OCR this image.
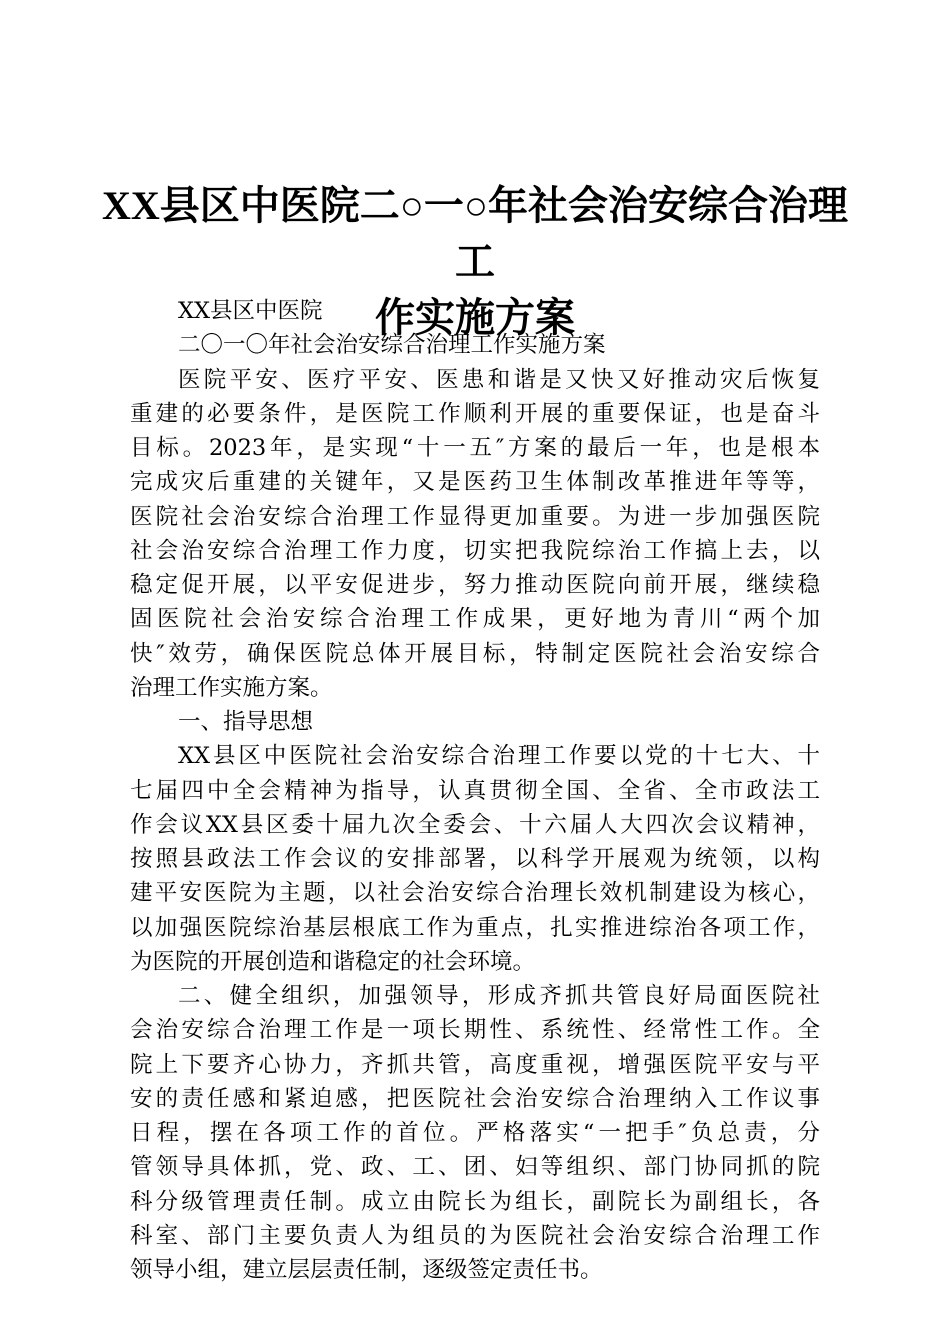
XX县区中医院二○一○年社会治安综合治理工
作实施方案
XX县区中医院
二〇一〇年社会治安综合治理工作实施方案
医院平安、医疗平安、医患和谐是又快又好推动灾后恢复
重建的必要条件，是医院工作顺利开展的重要保证，也是奋斗
目标。2023年，是实现“十一五″方案的最后一年，也是根本
完成灾后重建的关键年，又是医药卫生体制改革推进年等等，
医院社会治安综合治理工作显得更加重要。为进一步加强医院
社会治安综合治理工作力度，切实把我院综治工作搞上去，以
稳定促开展，以平安促进步，努力推动医院向前开展，继续稳
固医院社会治安综合治理工作成果，更好地为青川“两个加
快″效劳，确保医院总体开展目标，特制定医院社会治安综合
治理工作实施方案。
一、指导思想
XX县区中医院社会治安综合治理工作要以党的十七大、十
七届四中全会精神为指导，认真贯彻全国、全省、全市政法工
作会议XX县区委十届九次全委会、十六届人大四次会议精神，
按照县政法工作会议的安排部署，以科学开展观为统领，以构
建平安医院为主题，以社会治安综合治理长效机制建设为核心，
以加强医院综治基层根底工作为重点，扎实推进综治各项工作，
为医院的开展创造和谐稳定的社会环境。
二、健全组织，加强领导，形成齐抓共管良好局面医院社
会治安综合治理工作是一项长期性、系统性、经常性工作。全
院上下要齐心协力，齐抓共管，高度重视，增强医院平安与平
安的责任感和紧迫感，把医院社会治安综合治理纳入工作议事
日程，摆在各项工作的首位。严格落实“一把手″负总责，分
管领导具体抓，党、政、工、团、妇等组织、部门协同抓的院
科分级管理责任制。成立由院长为组长，副院长为副组长，各
科室、部门主要负责人为组员的为医院社会治安综合治理工作
领导小组，建立层层责任制，逐级签定责任书。
